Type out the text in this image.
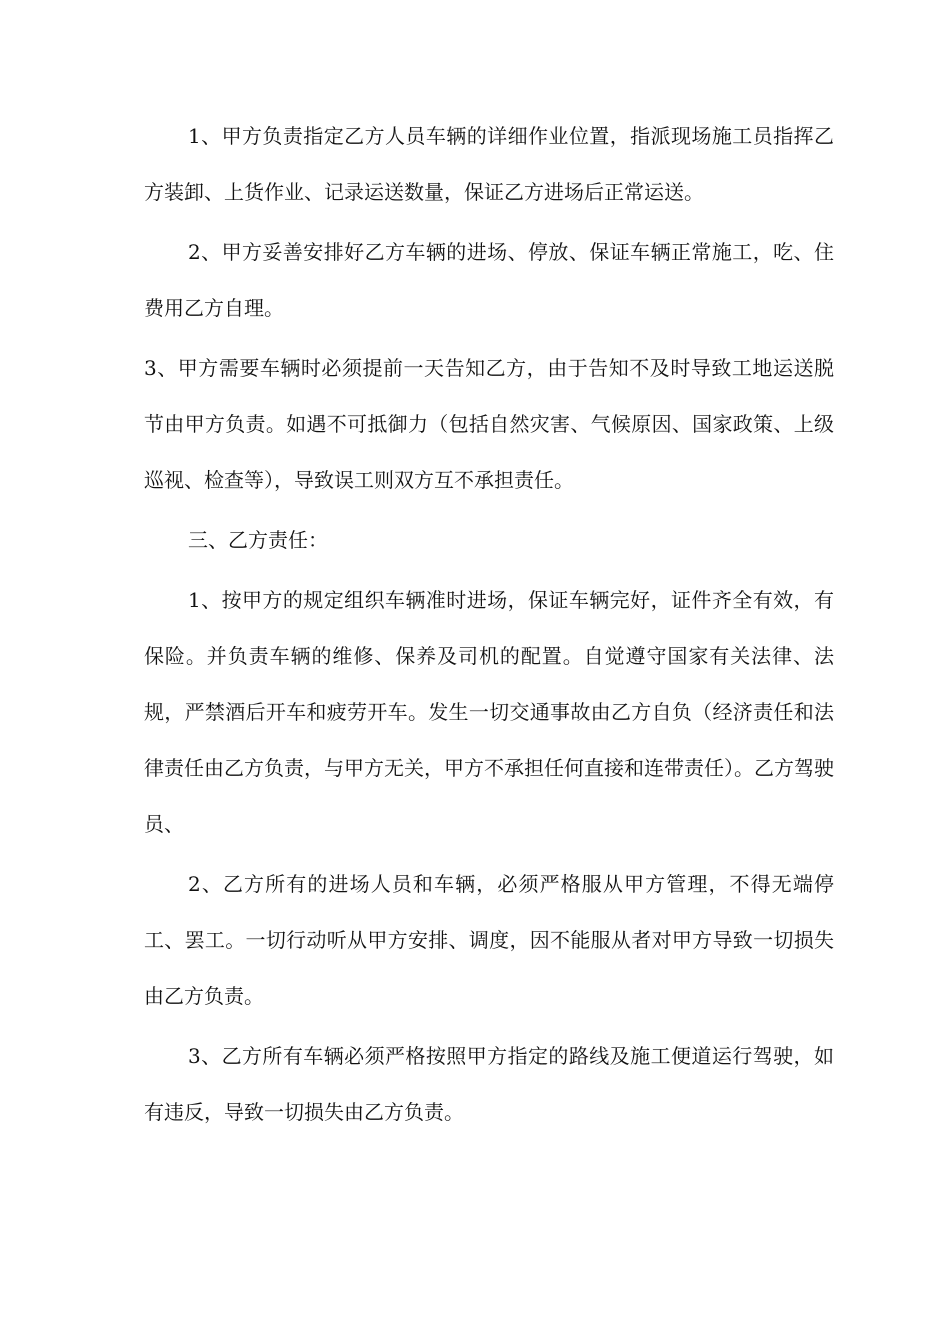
1、甲方负责指定乙方人员车辆的详细作业位置，指派现场施工员指挥乙方装卸、上货作业、记录运送数量，保证乙方进场后正常运送。

2、甲方妥善安排好乙方车辆的进场、停放、保证车辆正常施工，吃、住费用乙方自理。

3、甲方需要车辆时必须提前一天告知乙方，由于告知不及时导致工地运送脱节由甲方负责。如遇不可抵御力（包括自然灾害、气候原因、国家政策、上级巡视、检查等），导致误工则双方互不承担责任。

三、乙方责任：

1、按甲方的规定组织车辆准时进场，保证车辆完好，证件齐全有效，有保险。并负责车辆的维修、保养及司机的配置。自觉遵守国家有关法律、法规，严禁酒后开车和疲劳开车。发生一切交通事故由乙方自负（经济责任和法律责任由乙方负责，与甲方无关，甲方不承担任何直接和连带责任）。乙方驾驶员、

2、乙方所有的进场人员和车辆，必须严格服从甲方管理，不得无端停工、罢工。一切行动听从甲方安排、调度，因不能服从者对甲方导致一切损失由乙方负责。

3、乙方所有车辆必须严格按照甲方指定的路线及施工便道运行驾驶，如有违反，导致一切损失由乙方负责。
